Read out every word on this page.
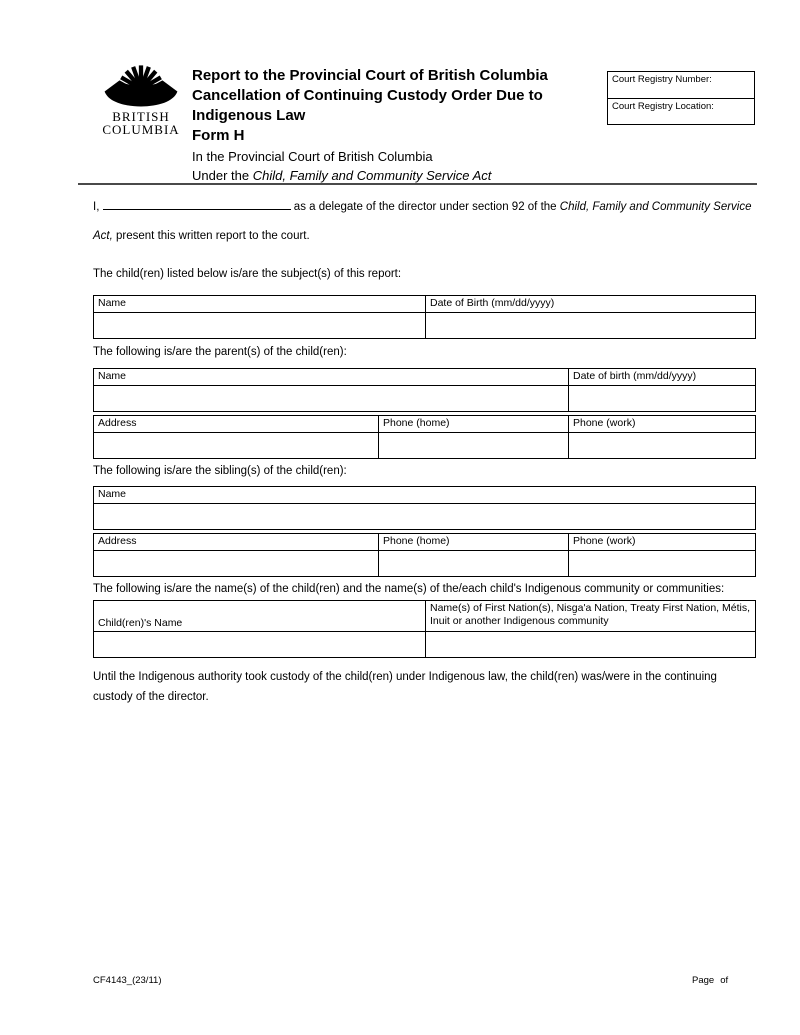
BRITISH
COLUMBIA
Report to the Provincial Court of British Columbia
Cancellation of Continuing Custody Order Due to
Indigenous Law
Form H
In the Provincial Court of British Columbia
Under the Child, Family and Community Service Act
Court Registry Number:
Court Registry Location:
I,	as a delegate of the director under section 92 of the Child, Family and Community Service Act, present this written report to the court.
The child(ren) listed below is/are the subject(s) of this report:
Name	Date of Birth (mm/dd/yyyy)

The following is/are the parent(s) of the child(ren):
Name	Date of birth (mm/dd/yyyy)

Address	Phone (home)	Phone (work)

The following is/are the sibling(s) of the child(ren):
Name

Address	Phone (home)	Phone (work)

The following is/are the name(s) of the child(ren) and the name(s) of the/each child's Indigenous community or communities:
Child(ren)'s Name	Name(s) of First Nation(s), Nisg̱a'a Nation, Treaty First Nation, Métis, Inuit or another Indigenous community

Until the Indigenous authority took custody of the child(ren) under Indigenous law, the child(ren) was/were in the continuing custody of the director.
CF4143_(23/11)	Page of
